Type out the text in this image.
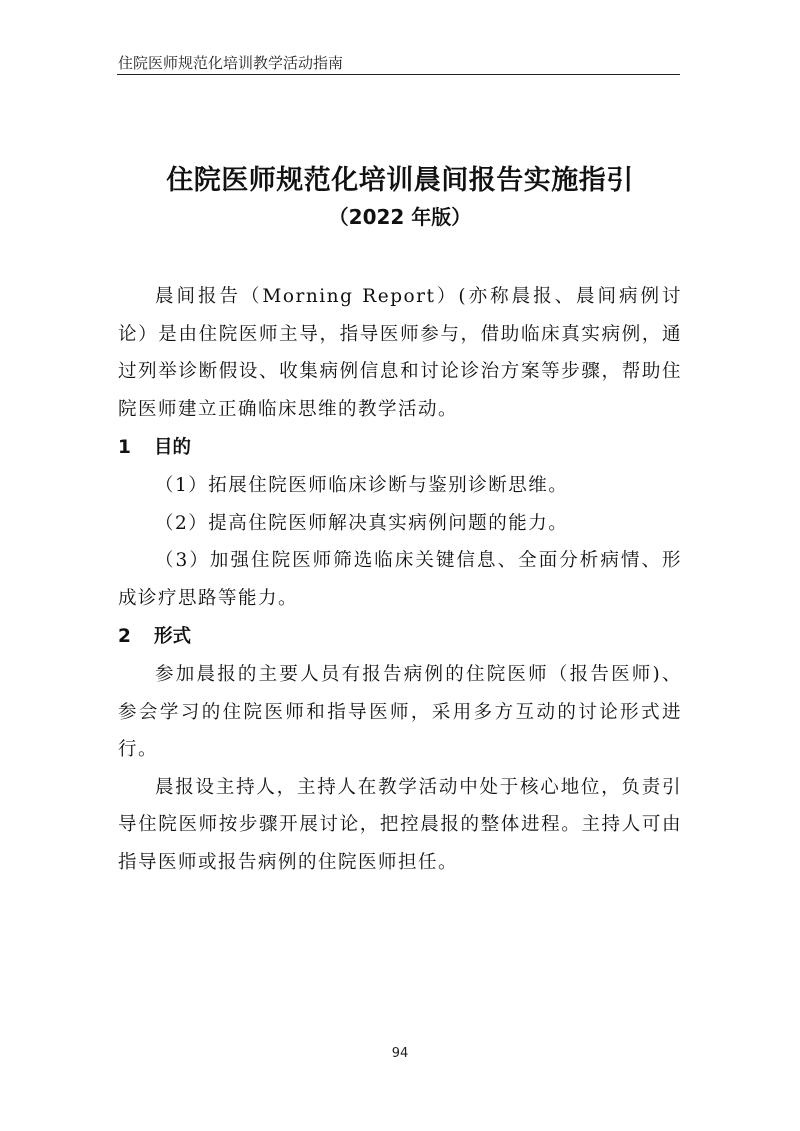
住院医师规范化培训教学活动指南
住院医师规范化培训晨间报告实施指引
（2022 年版）

晨间报告（Morning Report）(亦称晨报、晨间病例讨论）是由住院医师主导，指导医师参与，借助临床真实病例，通过列举诊断假设、收集病例信息和讨论诊治方案等步骤，帮助住院医师建立正确临床思维的教学活动。

1 目的

（1）拓展住院医师临床诊断与鉴别诊断思维。

（2）提高住院医师解决真实病例问题的能力。

（3）加强住院医师筛选临床关键信息、全面分析病情、形成诊疗思路等能力。

2 形式

参加晨报的主要人员有报告病例的住院医师（报告医师)、参会学习的住院医师和指导医师，采用多方互动的讨论形式进行。

晨报设主持人，主持人在教学活动中处于核心地位，负责引导住院医师按步骤开展讨论，把控晨报的整体进程。主持人可由指导医师或报告病例的住院医师担任。

94
